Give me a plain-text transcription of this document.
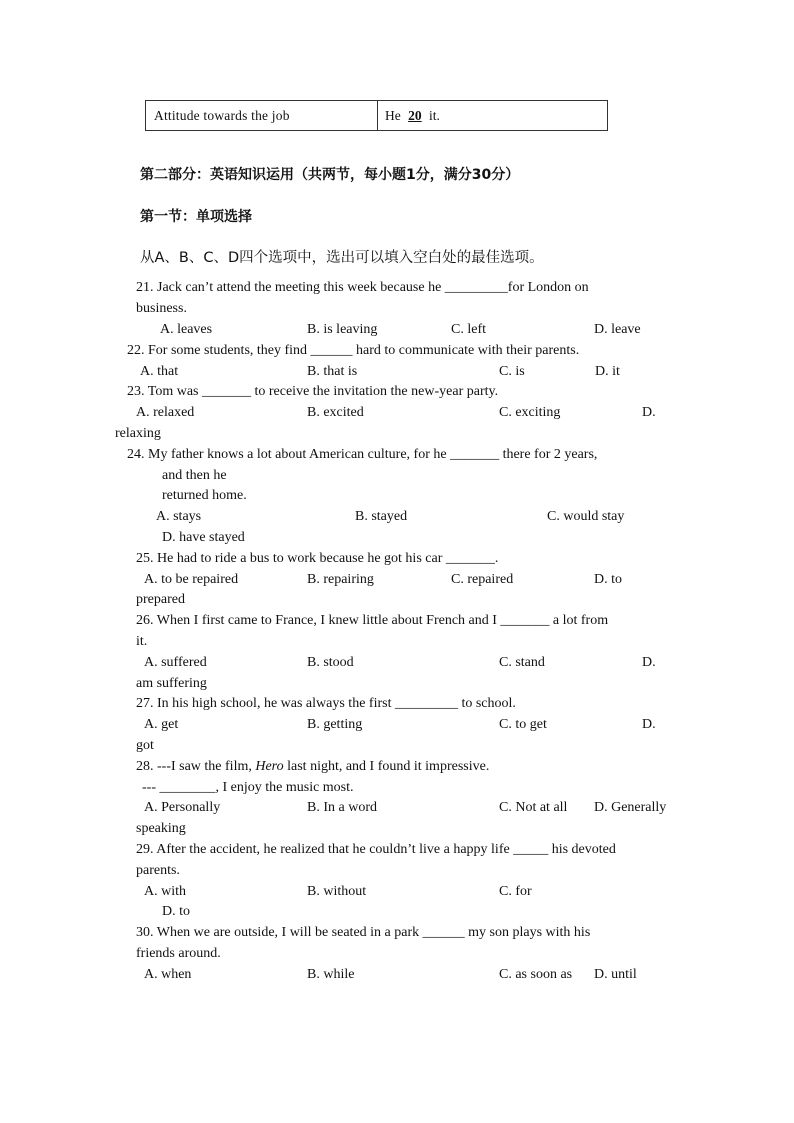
Attitude towards the job	He 20 it.
第二部分：英语知识运用（共两节，每小题1分，满分30分）
第一节：单项选择
从A、B、C、D四个选项中，选出可以填入空白处的最佳选项。
21. Jack can’t attend the meeting this week because he _________for London on
business.
A. leaves	B. is leaving	C. left	D. leave
22. For some students, they find ______ hard to communicate with their parents.
A. that	B. that is	C. is	D. it
23. Tom was _______ to receive the invitation the new-year party.
A. relaxed	B. excited	C. exciting	D.
relaxing
24. My father knows a lot about American culture, for he _______ there for 2 years,
and then he
returned home.
A. stays	B. stayed	C. would stay
D. have stayed
25. He had to ride a bus to work because he got his car _______.
A. to be repaired	B. repairing	C. repaired	D. to
prepared
26. When I first came to France, I knew little about French and I _______ a lot from
it.
A. suffered	B. stood	C. stand	D.
am suffering
27. In his high school, he was always the first _________ to school.
A. get	B. getting	C. to get	D.
got
28. ---I saw the film, Hero last night, and I found it impressive.
--- ________, I enjoy the music most.
A. Personally	B. In a word	C. Not at all D. Generally
speaking
29. After the accident, he realized that he couldn’t live a happy life _____ his devoted
parents.
A. with	B. without	C. for
D. to
30. When we are outside, I will be seated in a park ______ my son plays with his
friends around.
A. when	B. while	C. as soon as D. until
